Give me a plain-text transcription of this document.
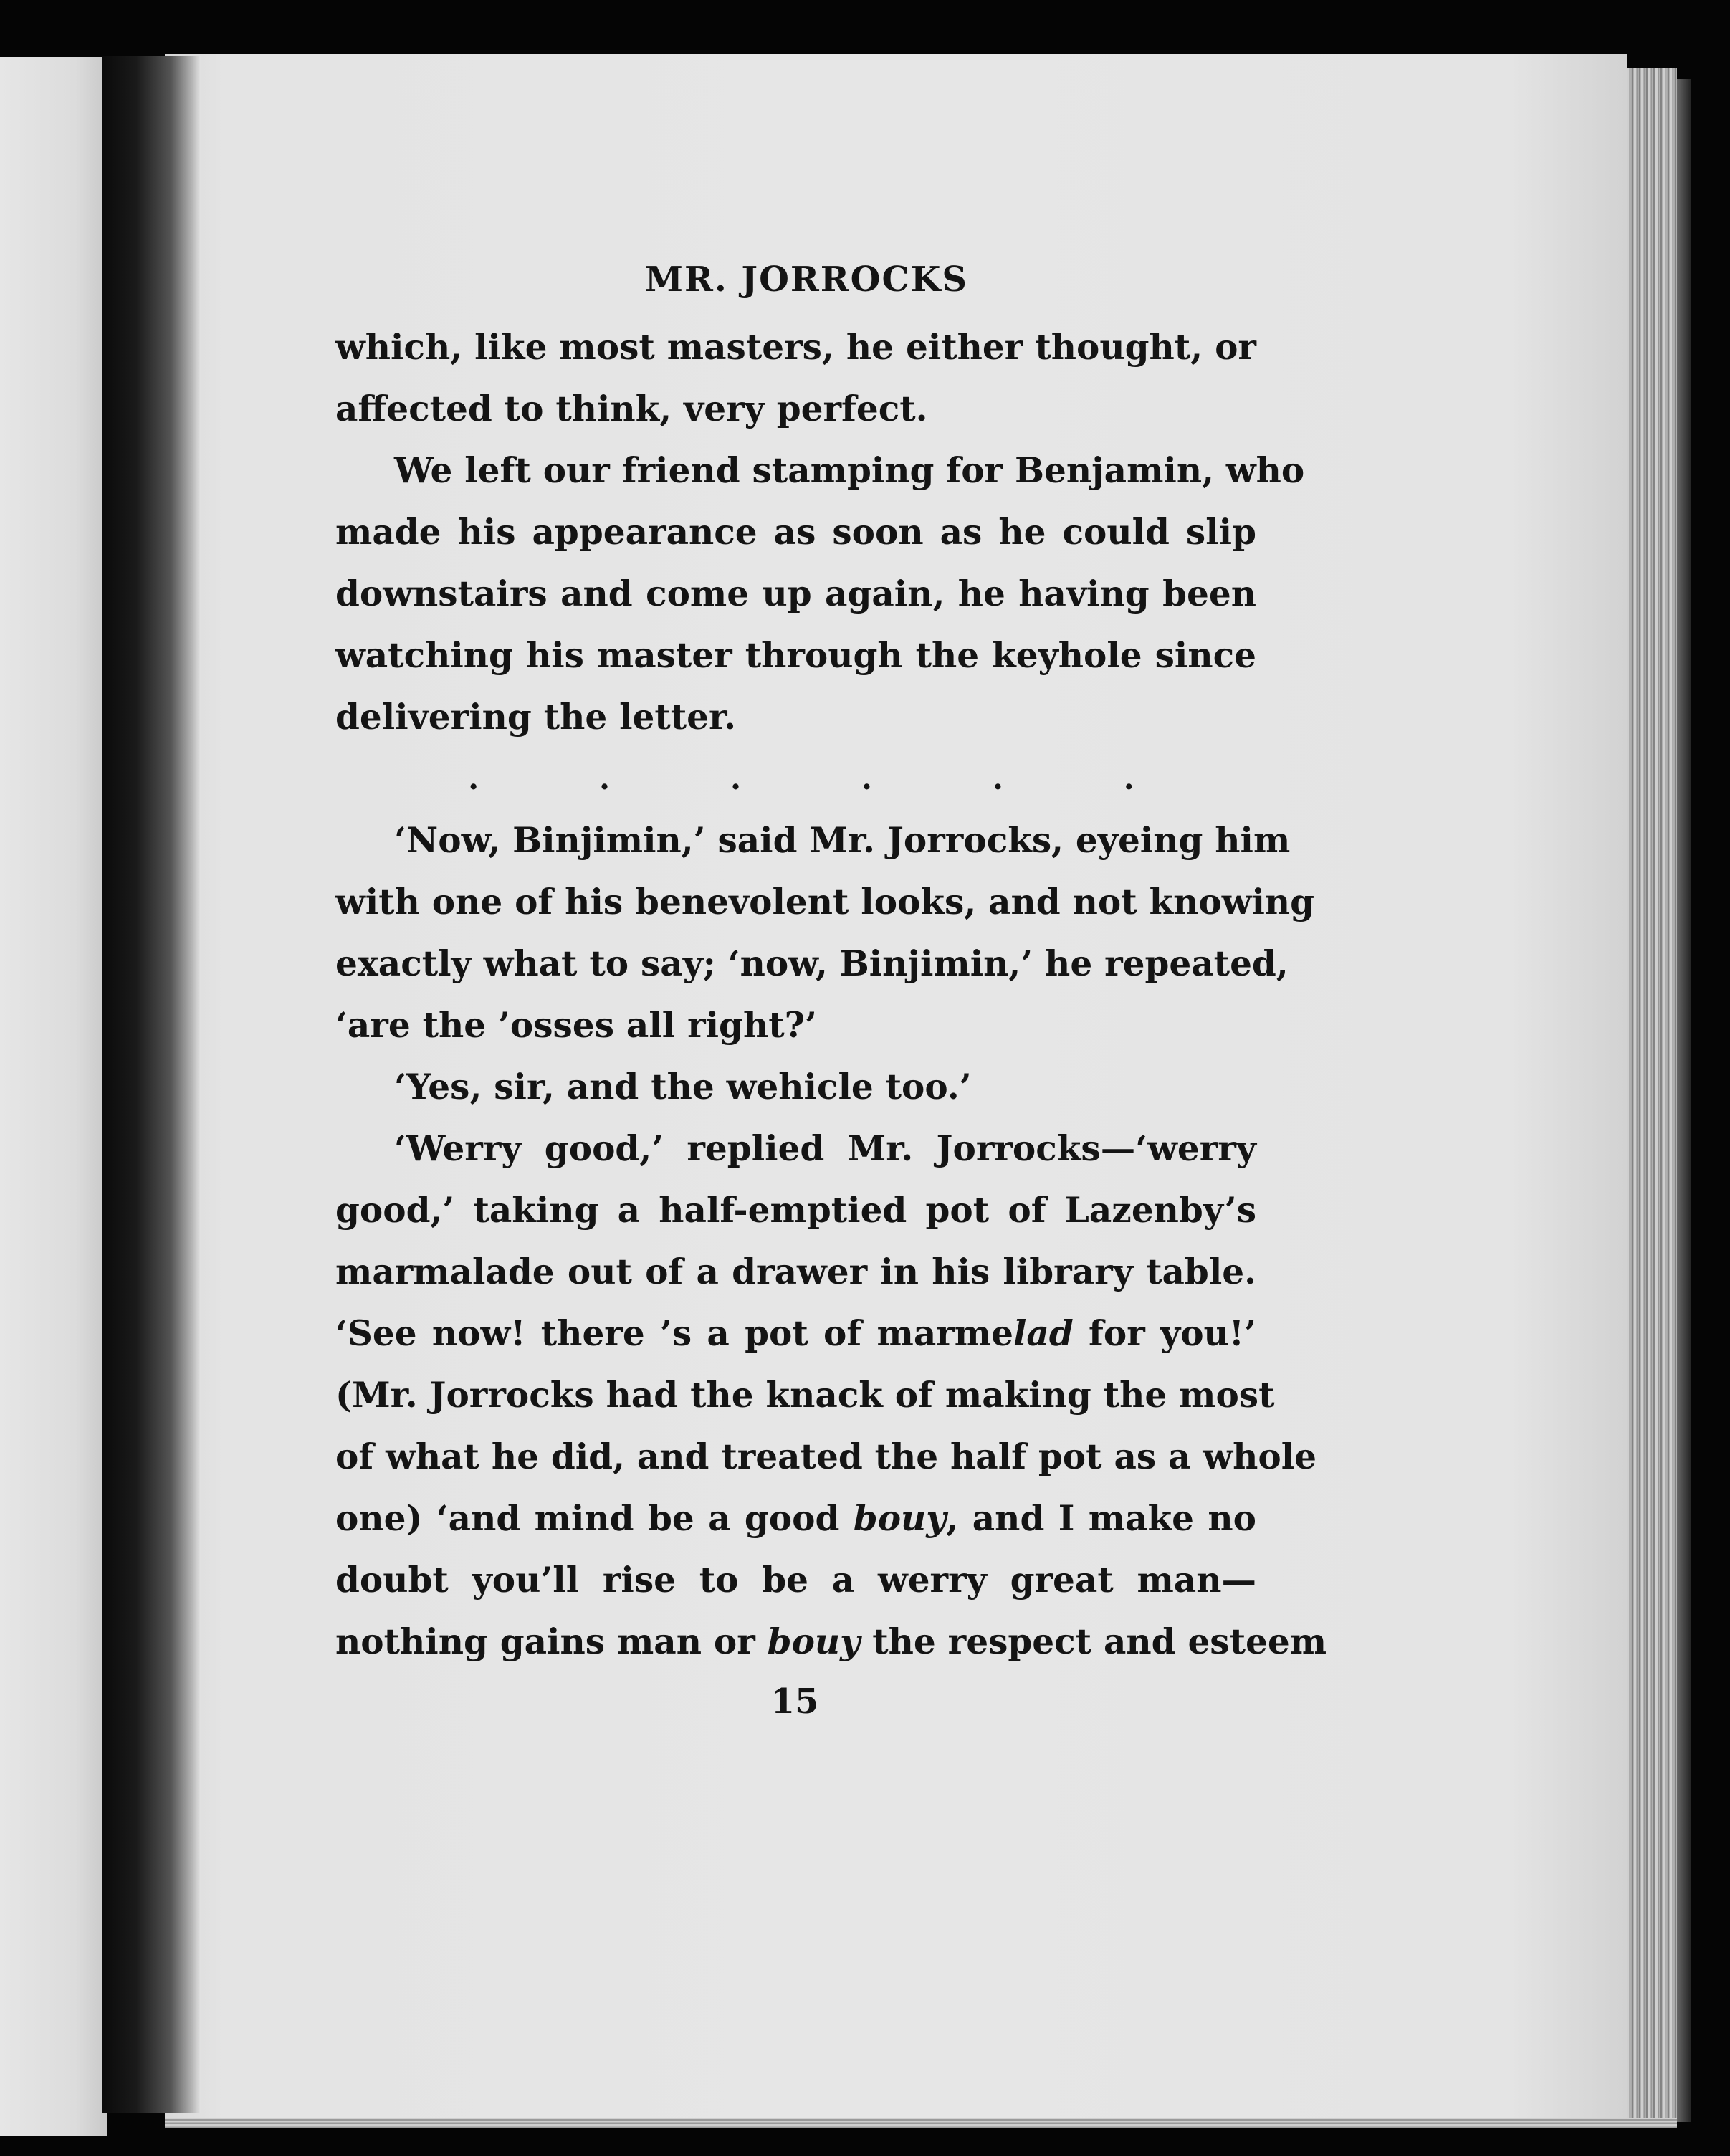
MR. JORROCKS

which, like most masters, he either thought, or
affected to think, very perfect.

We left our friend stamping for Benjamin, who
made his appearance as soon as he could slip
downstairs and come up again, he having been
watching his master through the keyhole since
delivering the letter.

.      .      .      .      .      .

‘Now, Binjimin,’ said Mr. Jorrocks, eyeing him
with one of his benevolent looks, and not knowing
exactly what to say; ‘now, Binjimin,’ he repeated,
‘are the ’osses all right?’

‘Yes, sir, and the wehicle too.’

‘Werry good,’ replied Mr. Jorrocks—‘werry
good,’ taking a half-emptied pot of Lazenby’s
marmalade out of a drawer in his library table.
‘See now! there ’s a pot of marmelad for you!’
(Mr. Jorrocks had the knack of making the most
of what he did, and treated the half pot as a whole
one) ‘and mind be a good bouy, and I make no
doubt you’ll rise to be a werry great man—
nothing gains man or bouy the respect and esteem

15
